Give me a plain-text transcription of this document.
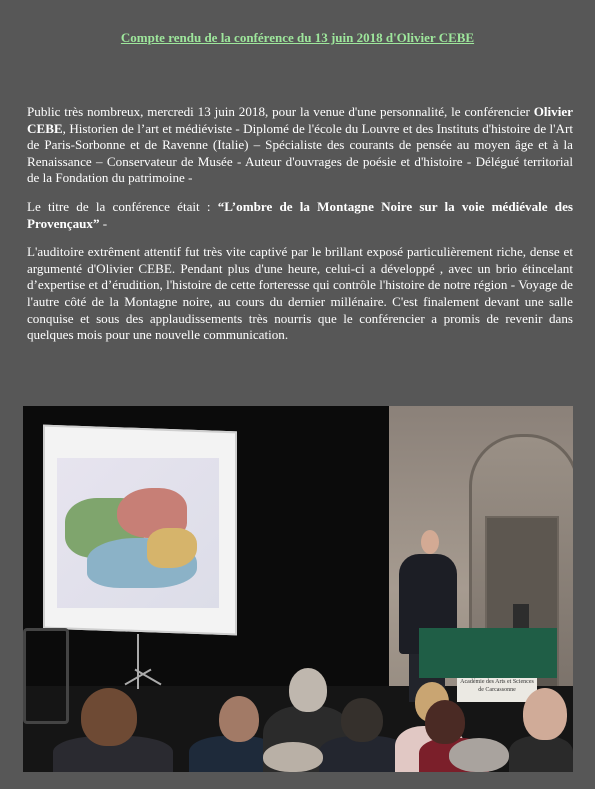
Compte rendu de la conférence du 13 juin 2018 d'Olivier CEBE

Public très nombreux, mercredi 13 juin 2018, pour la venue d'une personnalité, le conférencier Olivier CEBE, Historien de l’art et médiéviste - Diplomé de l'école du Louvre et des Instituts d'histoire de l'Art de Paris-Sorbonne et de Ravenne (Italie) – Spécialiste des courants de pensée au moyen âge et à la Renaissance – Conservateur de Musée - Auteur d'ouvrages de poésie et d'histoire - Délégué territorial de la Fondation du patrimoine -

Le titre de la conférence était : “L’ombre de la Montagne Noire sur la voie médiévale des Provençaux” -

L'auditoire extrêment attentif fut très vite captivé par le brillant exposé particulièrement riche, dense et argumenté d'Olivier CEBE. Pendant plus d'une heure, celui-ci a développé , avec un brio étincelant d’expertise et d’érudition, l'histoire de cette forteresse qui contrôle l'histoire de notre région - Voyage de l'autre côté de la Montagne noire, au cours du dernier millénaire. C'est finalement devant une salle conquise et sous des applaudissements très nourris que le conférencier a promis de revenir dans quelques mois pour une nouvelle communication.

Académie des Arts et Sciences de Carcassonne
